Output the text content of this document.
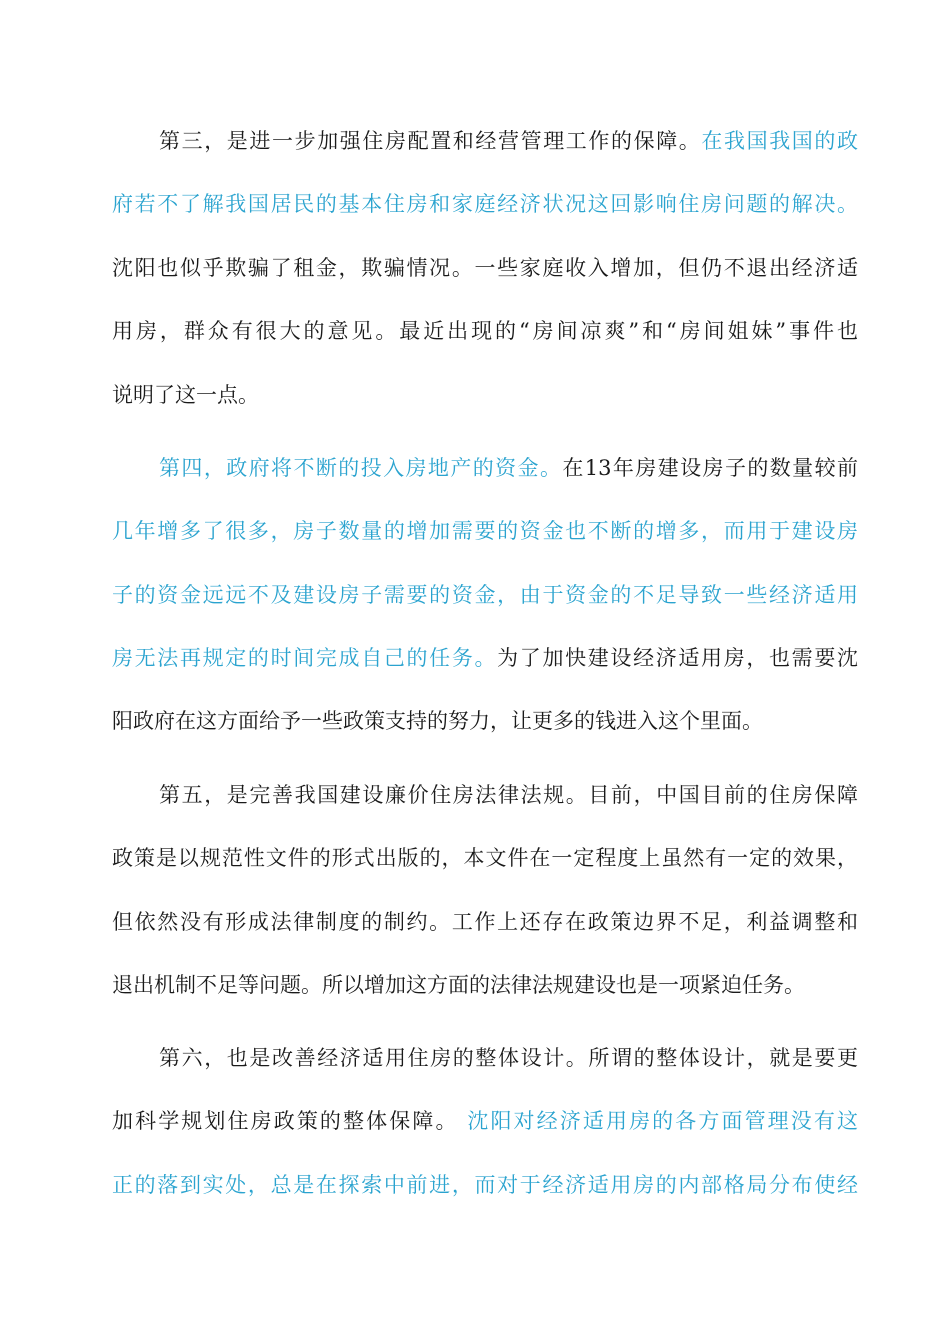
第三，是进一步加强住房配置和经营管理工作的保障。在我国我国的政
府若不了解我国居民的基本住房和家庭经济状况这回影响住房问题的解决。
沈阳也似乎欺骗了租金，欺骗情况。一些家庭收入增加，但仍不退出经济适
用房，群众有很大的意见。最近出现的“房间凉爽”和“房间姐妹”事件也
说明了这一点。
第四，政府将不断的投入房地产的资金。在13年房建设房子的数量较前
几年增多了很多，房子数量的增加需要的资金也不断的增多，而用于建设房
子的资金远远不及建设房子需要的资金，由于资金的不足导致一些经济适用
房无法再规定的时间完成自己的任务。为了加快建设经济适用房，也需要沈
阳政府在这方面给予一些政策支持的努力，让更多的钱进入这个里面。
第五，是完善我国建设廉价住房法律法规。目前，中国目前的住房保障
政策是以规范性文件的形式出版的，本文件在一定程度上虽然有一定的效果，
但依然没有形成法律制度的制约。工作上还存在政策边界不足，利益调整和
退出机制不足等问题。所以增加这方面的法律法规建设也是一项紧迫任务。
第六，也是改善经济适用住房的整体设计。所谓的整体设计，就是要更
加科学规划住房政策的整体保障。 沈阳对经济适用房的各方面管理没有这
正的落到实处，总是在探索中前进，而对于经济适用房的内部格局分布使经
